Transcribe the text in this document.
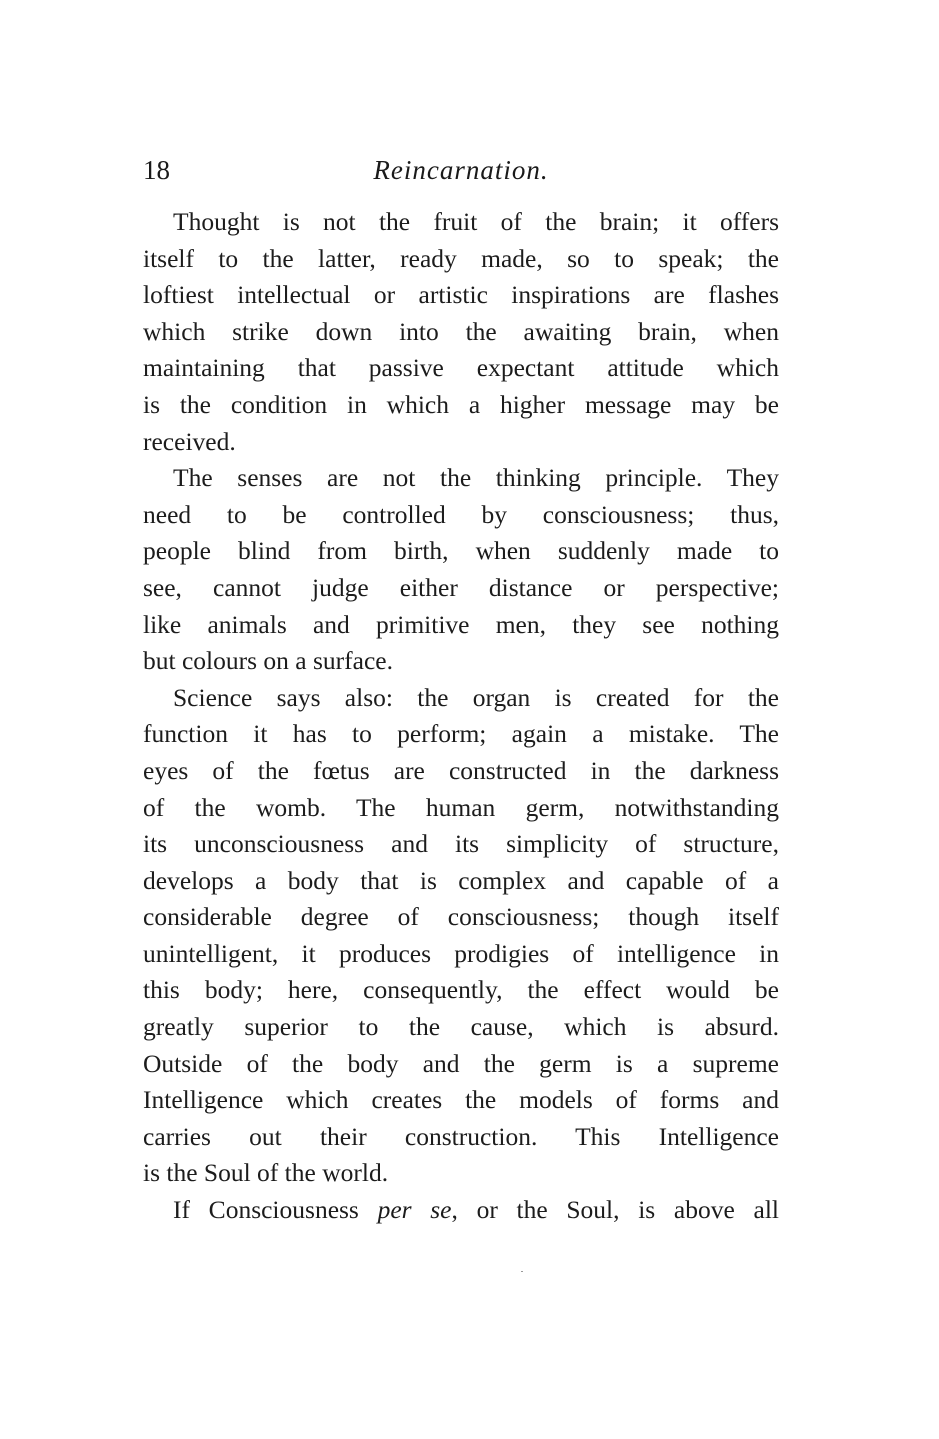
18	Reincarnation.
Thought is not the fruit of the brain; it offers
itself to the latter, ready made, so to speak; the
loftiest intellectual or artistic inspirations are flashes
which strike down into the awaiting brain, when
maintaining that passive expectant attitude which
is the condition in which a higher message may be
received.
The senses are not the thinking principle. They
need to be controlled by consciousness; thus,
people blind from birth, when suddenly made to
see, cannot judge either distance or perspective;
like animals and primitive men, they see nothing
but colours on a surface.
Science says also: the organ is created for the
function it has to perform; again a mistake. The
eyes of the fœtus are constructed in the darkness
of the womb. The human germ, notwithstanding
its unconsciousness and its simplicity of structure,
develops a body that is complex and capable of a
considerable degree of consciousness; though itself
unintelligent, it produces prodigies of intelligence in
this body; here, consequently, the effect would be
greatly superior to the cause, which is absurd.
Outside of the body and the germ is a supreme
Intelligence which creates the models of forms and
carries out their construction. This Intelligence
is the Soul of the world.
If Consciousness per se, or the Soul, is above all
